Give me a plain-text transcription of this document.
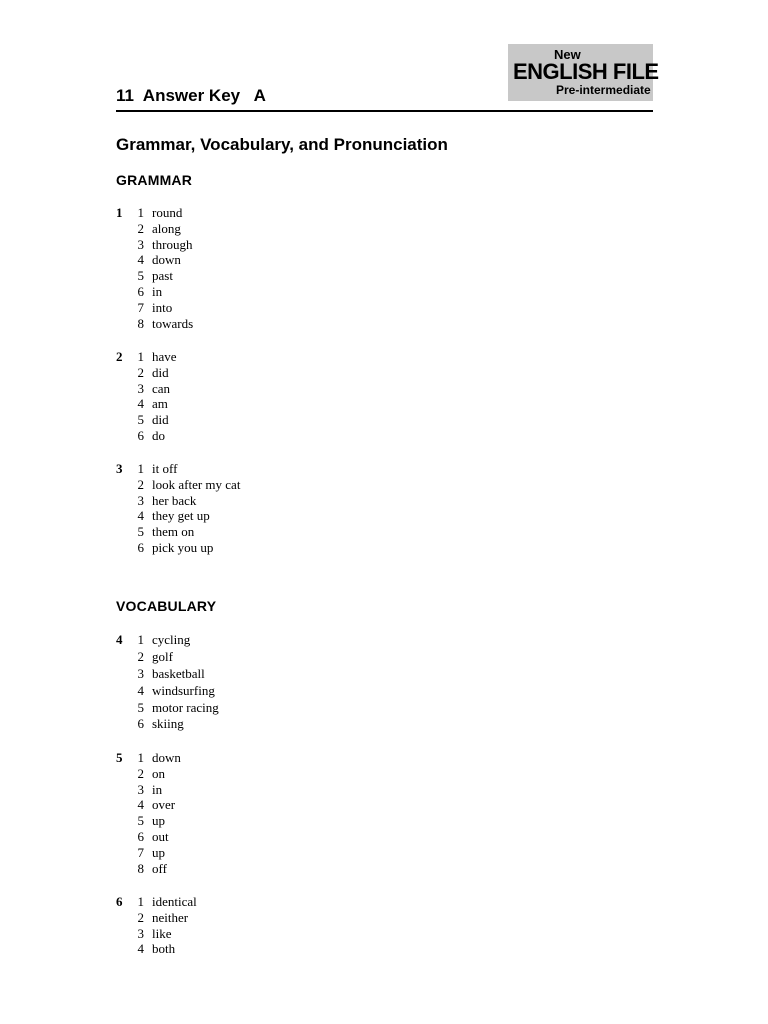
New
ENGLISH FILE
Pre-intermediate
11  Answer Key   A
Grammar, Vocabulary, and Pronunciation
GRAMMAR
1 1 round
2 along
3 through
4 down
5 past
6 in
7 into
8 towards
2 1 have
2 did
3 can
4 am
5 did
6 do
3 1 it off
2 look after my cat
3 her back
4 they get up
5 them on
6 pick you up
VOCABULARY
4 1 cycling
2 golf
3 basketball
4 windsurfing
5 motor racing
6 skiing
5 1 down
2 on
3 in
4 over
5 up
6 out
7 up
8 off
6 1 identical
2 neither
3 like
4 both
